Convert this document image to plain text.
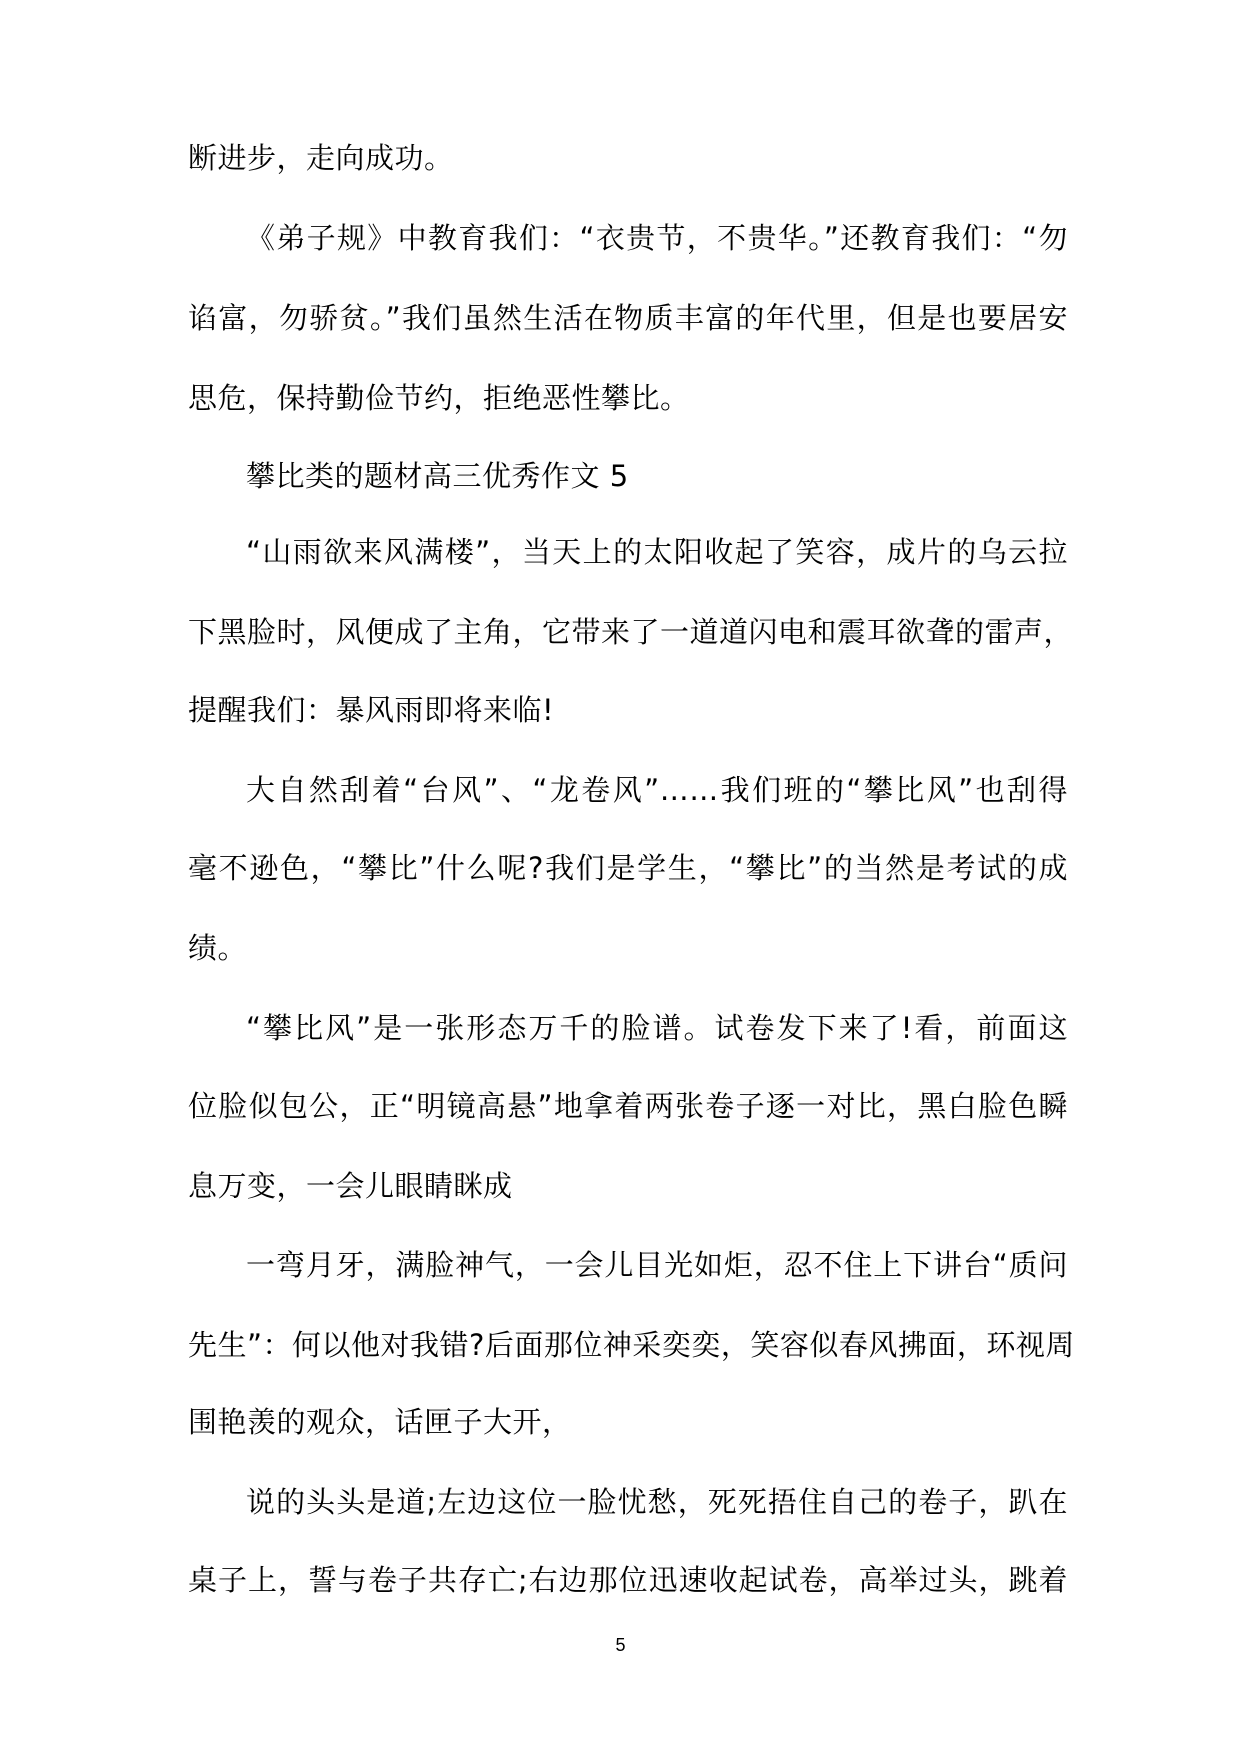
断进步，走向成功。
《弟子规》中教育我们：“衣贵节，不贵华。”还教育我们：“勿
谄富，勿骄贫。”我们虽然生活在物质丰富的年代里，但是也要居安
思危，保持勤俭节约，拒绝恶性攀比。
攀比类的题材高三优秀作文 5
“山雨欲来风满楼”，当天上的太阳收起了笑容，成片的乌云拉
下黑脸时，风便成了主角，它带来了一道道闪电和震耳欲聋的雷声，
提醒我们：暴风雨即将来临!
大自然刮着“台风”、“龙卷风”……我们班的“攀比风”也刮得
毫不逊色，“攀比”什么呢?我们是学生，“攀比”的当然是考试的成
绩。
“攀比风”是一张形态万千的脸谱。试卷发下来了!看，前面这
位脸似包公，正“明镜高悬”地拿着两张卷子逐一对比，黑白脸色瞬
息万变，一会儿眼睛眯成
一弯月牙，满脸神气，一会儿目光如炬，忍不住上下讲台“质问
先生”：何以他对我错?后面那位神采奕奕，笑容似春风拂面，环视周
围艳羡的观众，话匣子大开，
说的头头是道;左边这位一脸忧愁，死死捂住自己的卷子，趴在
桌子上，誓与卷子共存亡;右边那位迅速收起试卷，高举过头，跳着
5
